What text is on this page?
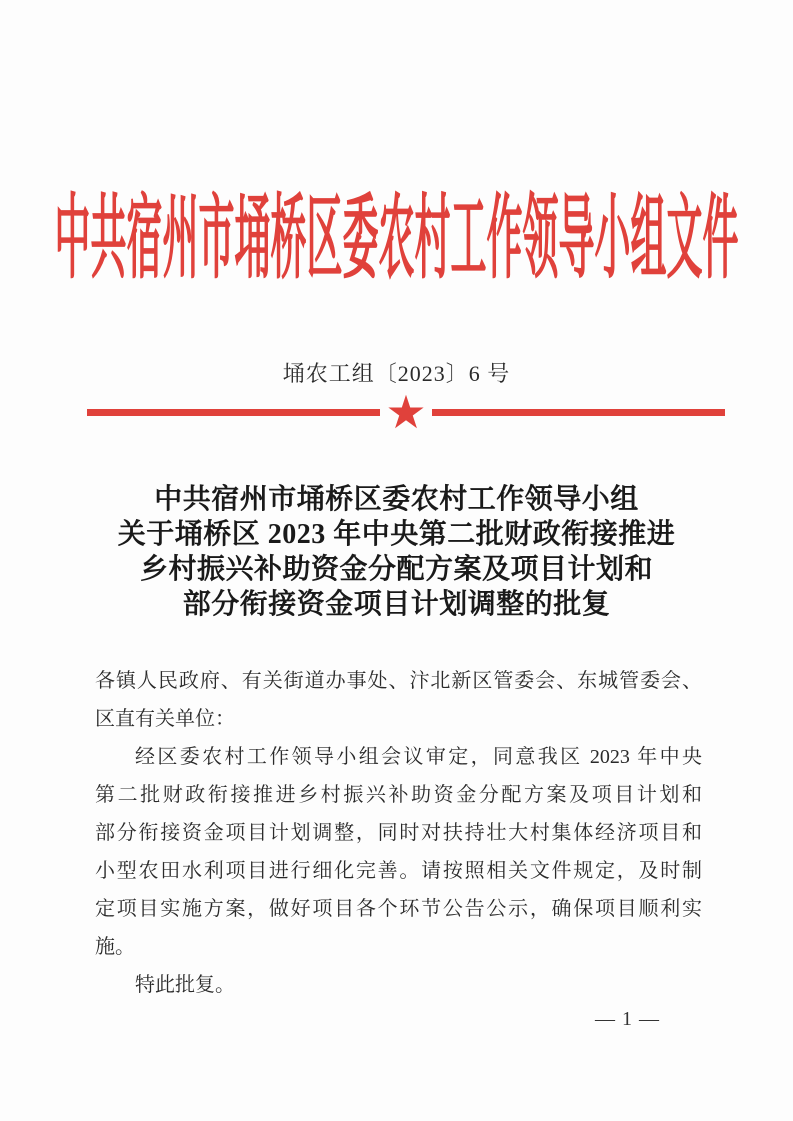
中共宿州市埇桥区委农村工作领导小组文件
埇农工组〔2023〕6 号
★
中共宿州市埇桥区委农村工作领导小组
关于埇桥区 2023 年中央第二批财政衔接推进
乡村振兴补助资金分配方案及项目计划和
部分衔接资金项目计划调整的批复
各镇人民政府、有关街道办事处、汴北新区管委会、东城管委会、
区直有关单位：
经区委农村工作领导小组会议审定，同意我区 2023 年中央
第二批财政衔接推进乡村振兴补助资金分配方案及项目计划和
部分衔接资金项目计划调整，同时对扶持壮大村集体经济项目和
小型农田水利项目进行细化完善。请按照相关文件规定，及时制
定项目实施方案，做好项目各个环节公告公示，确保项目顺利实
施。
特此批复。
— 1 —
